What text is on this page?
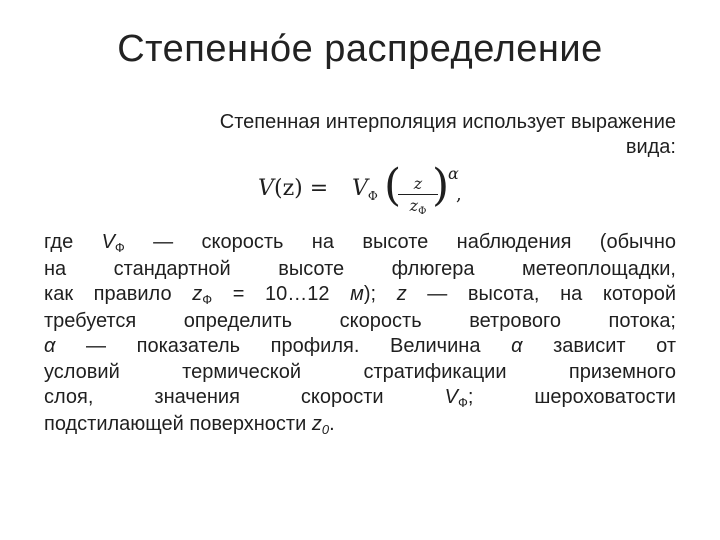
Степенно́е распределение
Степенная интерполяция использует выражение
вида:
V $(z) = V_Ф$ ( z
zФ
)
α
,
где $V_Ф$ — скорость на высоте наблюдения (обычно
на стандартной высоте флюгера метеоплощадки,
как правило $z_Ф$ = 10…12 м); z — высота, на которой
требуется определить скорость ветрового потока;
α — показатель профиля. Величина α зависит от
условий термической стратификации приземного
слоя,	значения	скорости	$V_Ф$;	шероховатости
подстилающей поверхности $z_0$.
